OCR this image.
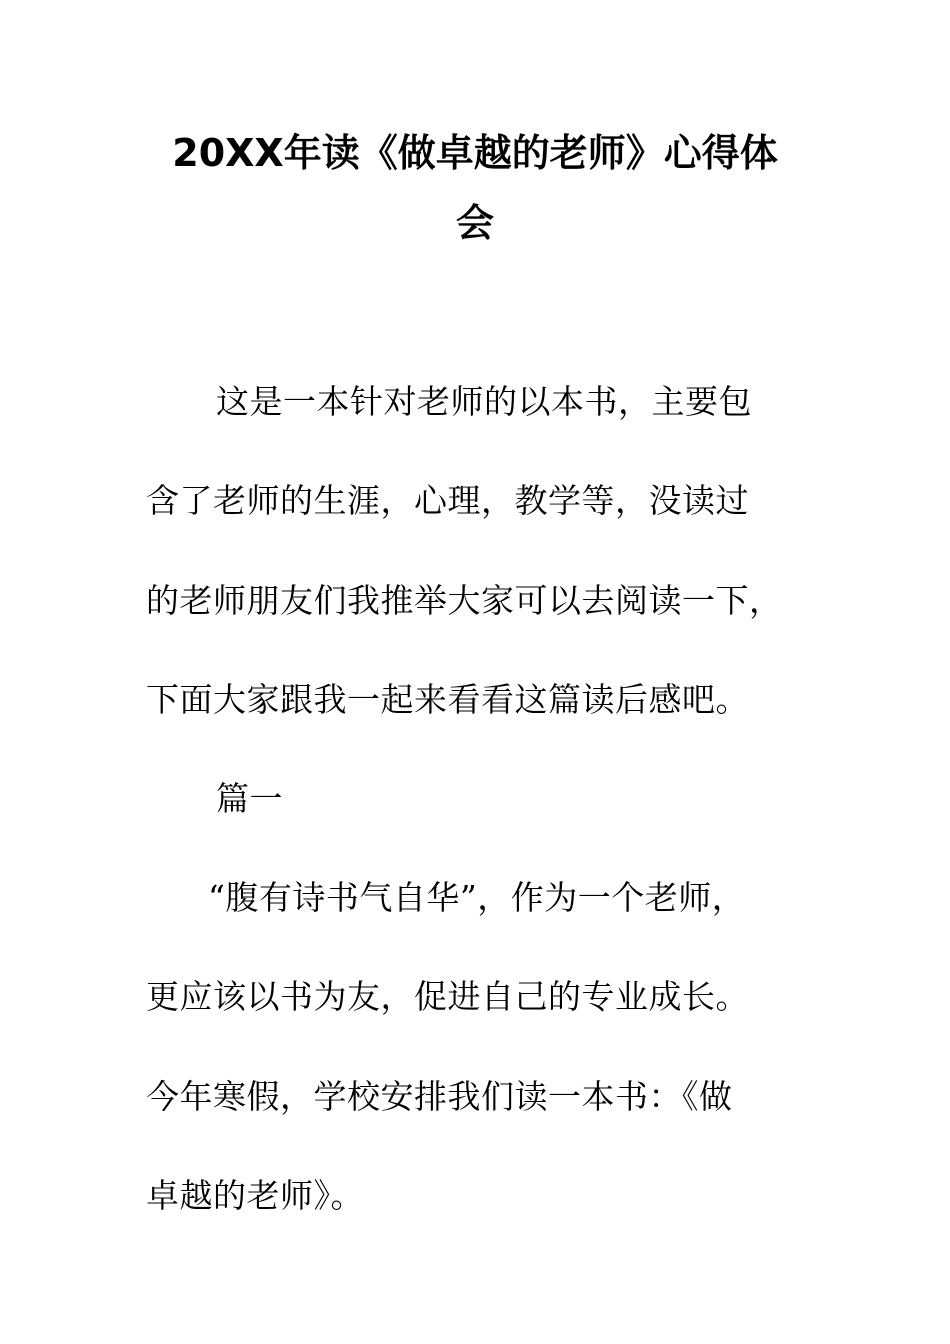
20XX年读《做卓越的老师》心得体
会
这是一本针对老师的以本书，主要包
含了老师的生涯，心理，教学等，没读过
的老师朋友们我推举大家可以去阅读一下，
下面大家跟我一起来看看这篇读后感吧。
篇一
“腹有诗书气自华”，作为一个老师，
更应该以书为友，促进自己的专业成长。
今年寒假，学校安排我们读一本书：《做
卓越的老师》。
